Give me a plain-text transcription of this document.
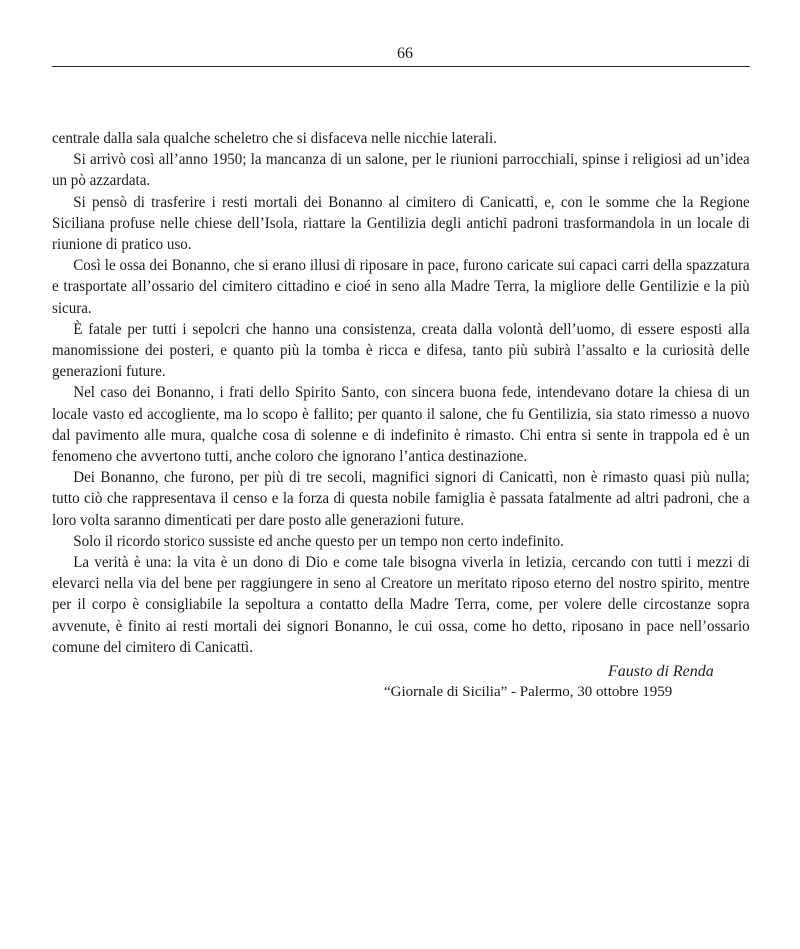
66

centrale dalla sala qualche scheletro che si disfaceva nelle nicchie laterali.

Si arrivò così all’anno 1950; la mancanza di un salone, per le riunioni parrocchiali, spinse i religiosi ad un’idea un pò azzardata.

Si pensò di trasferire i resti mortali dei Bonanno al cimitero di Canicattì, e, con le somme che la Regione Siciliana profuse nelle chiese dell’Isola, riattare la Gentilizia degli antichi padroni trasformandola in un locale di riunione di pratico uso.

Così le ossa dei Bonanno, che si erano illusi di riposare in pace, furono caricate sui capaci carri della spazzatura e trasportate all’ossario del cimitero cittadino e cioé in seno alla Madre Terra, la migliore delle Gentilizie e la più sicura.

È fatale per tutti i sepolcri che hanno una consistenza, creata dalla volontà dell’uomo, di essere esposti alla manomissione dei posteri, e quanto più la tomba è ricca e difesa, tanto più subirà l’assalto e la curiosità delle generazioni future.

Nel caso dei Bonanno, i frati dello Spirito Santo, con sincera buona fede, intendevano dotare la chiesa di un locale vasto ed accogliente, ma lo scopo è fallito; per quanto il salone, che fu Gentilizia, sia stato rimesso a nuovo dal pavimento alle mura, qualche cosa di solenne e di indefinito è rimasto. Chi entra si sente in trappola ed è un fenomeno che avvertono tutti, anche coloro che ignorano l’antica destinazione.

Dei Bonanno, che furono, per più di tre secoli, magnifici signori di Canicattì, non è rimasto quasi più nulla; tutto ciò che rappresentava il censo e la forza di questa nobile famiglia è passata fatalmente ad altri padroni, che a loro volta saranno dimenticati per dare posto alle generazioni future.

Solo il ricordo storico sussiste ed anche questo per un tempo non certo indefinito.

La verità è una: la vita è un dono di Dio e come tale bisogna viverla in letizia, cercando con tutti i mezzi di elevarci nella via del bene per raggiungere in seno al Creatore un meritato riposo eterno del nostro spirito, mentre per il corpo è consigliabile la sepoltura a contatto della Madre Terra, come, per volere delle circostanze sopra avvenute, è finito ai resti mortali dei signori Bonanno, le cui ossa, come ho detto, riposano in pace nell’ossario comune del cimitero di Canicattì.

Fausto di Renda
“Giornale di Sicilia” - Palermo, 30 ottobre 1959
